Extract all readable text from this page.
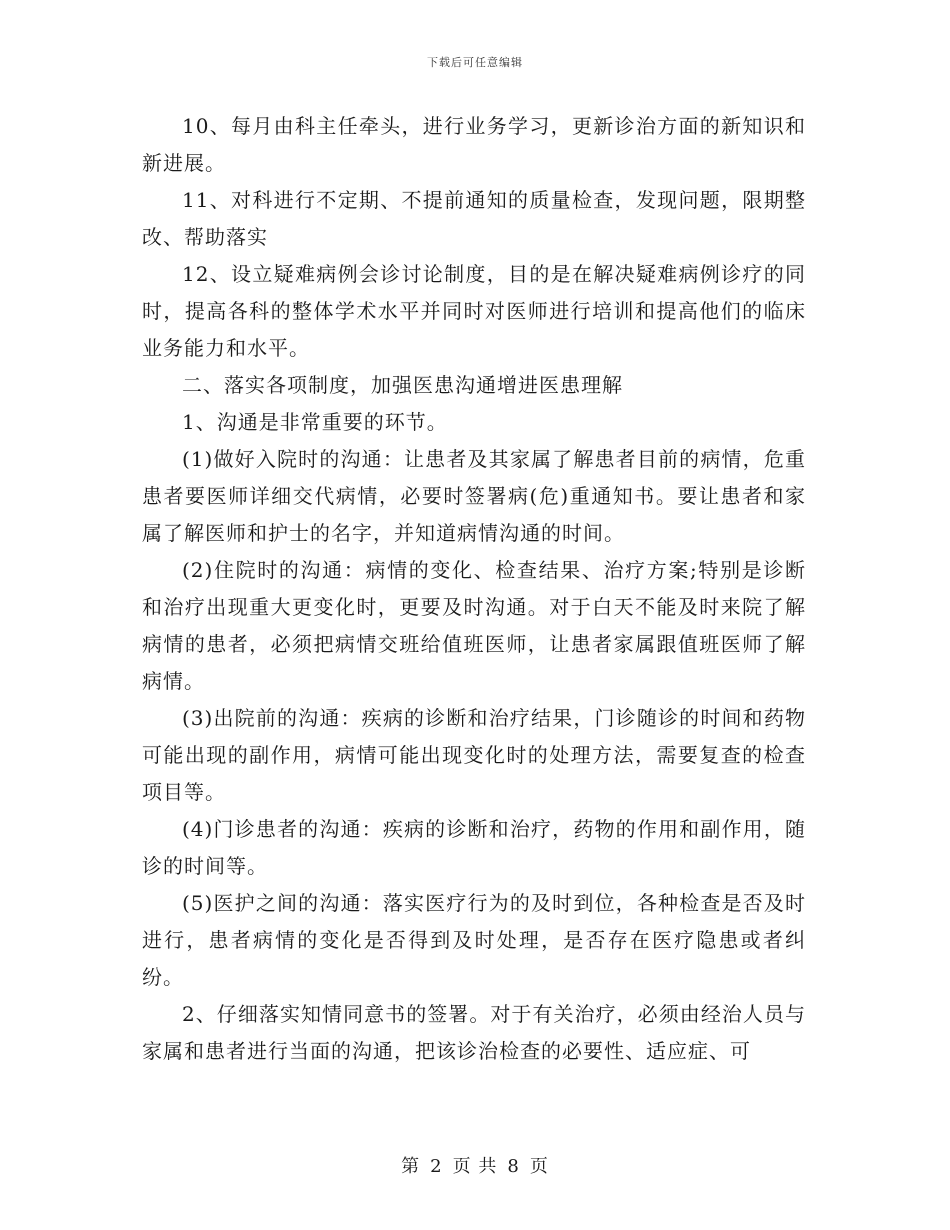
下载后可任意编辑

10、每月由科主任牵头，进行业务学习，更新诊治方面的新知识和新进展。

11、对科进行不定期、不提前通知的质量检查，发现问题，限期整改、帮助落实

12、设立疑难病例会诊讨论制度，目的是在解决疑难病例诊疗的同时，提高各科的整体学术水平并同时对医师进行培训和提高他们的临床业务能力和水平。

二、落实各项制度，加强医患沟通增进医患理解

1、沟通是非常重要的环节。

(1)做好入院时的沟通：让患者及其家属了解患者目前的病情，危重患者要医师详细交代病情，必要时签署病(危)重通知书。要让患者和家属了解医师和护士的名字，并知道病情沟通的时间。

(2)住院时的沟通：病情的变化、检查结果、治疗方案;特别是诊断和治疗出现重大更变化时，更要及时沟通。对于白天不能及时来院了解病情的患者，必须把病情交班给值班医师，让患者家属跟值班医师了解病情。

(3)出院前的沟通：疾病的诊断和治疗结果，门诊随诊的时间和药物可能出现的副作用，病情可能出现变化时的处理方法，需要复查的检查项目等。

(4)门诊患者的沟通：疾病的诊断和治疗，药物的作用和副作用，随诊的时间等。

(5)医护之间的沟通：落实医疗行为的及时到位，各种检查是否及时进行，患者病情的变化是否得到及时处理，是否存在医疗隐患或者纠纷。

2、仔细落实知情同意书的签署。对于有关治疗，必须由经治人员与家属和患者进行当面的沟通，把该诊治检查的必要性、适应症、可

第 2 页 共 8 页
